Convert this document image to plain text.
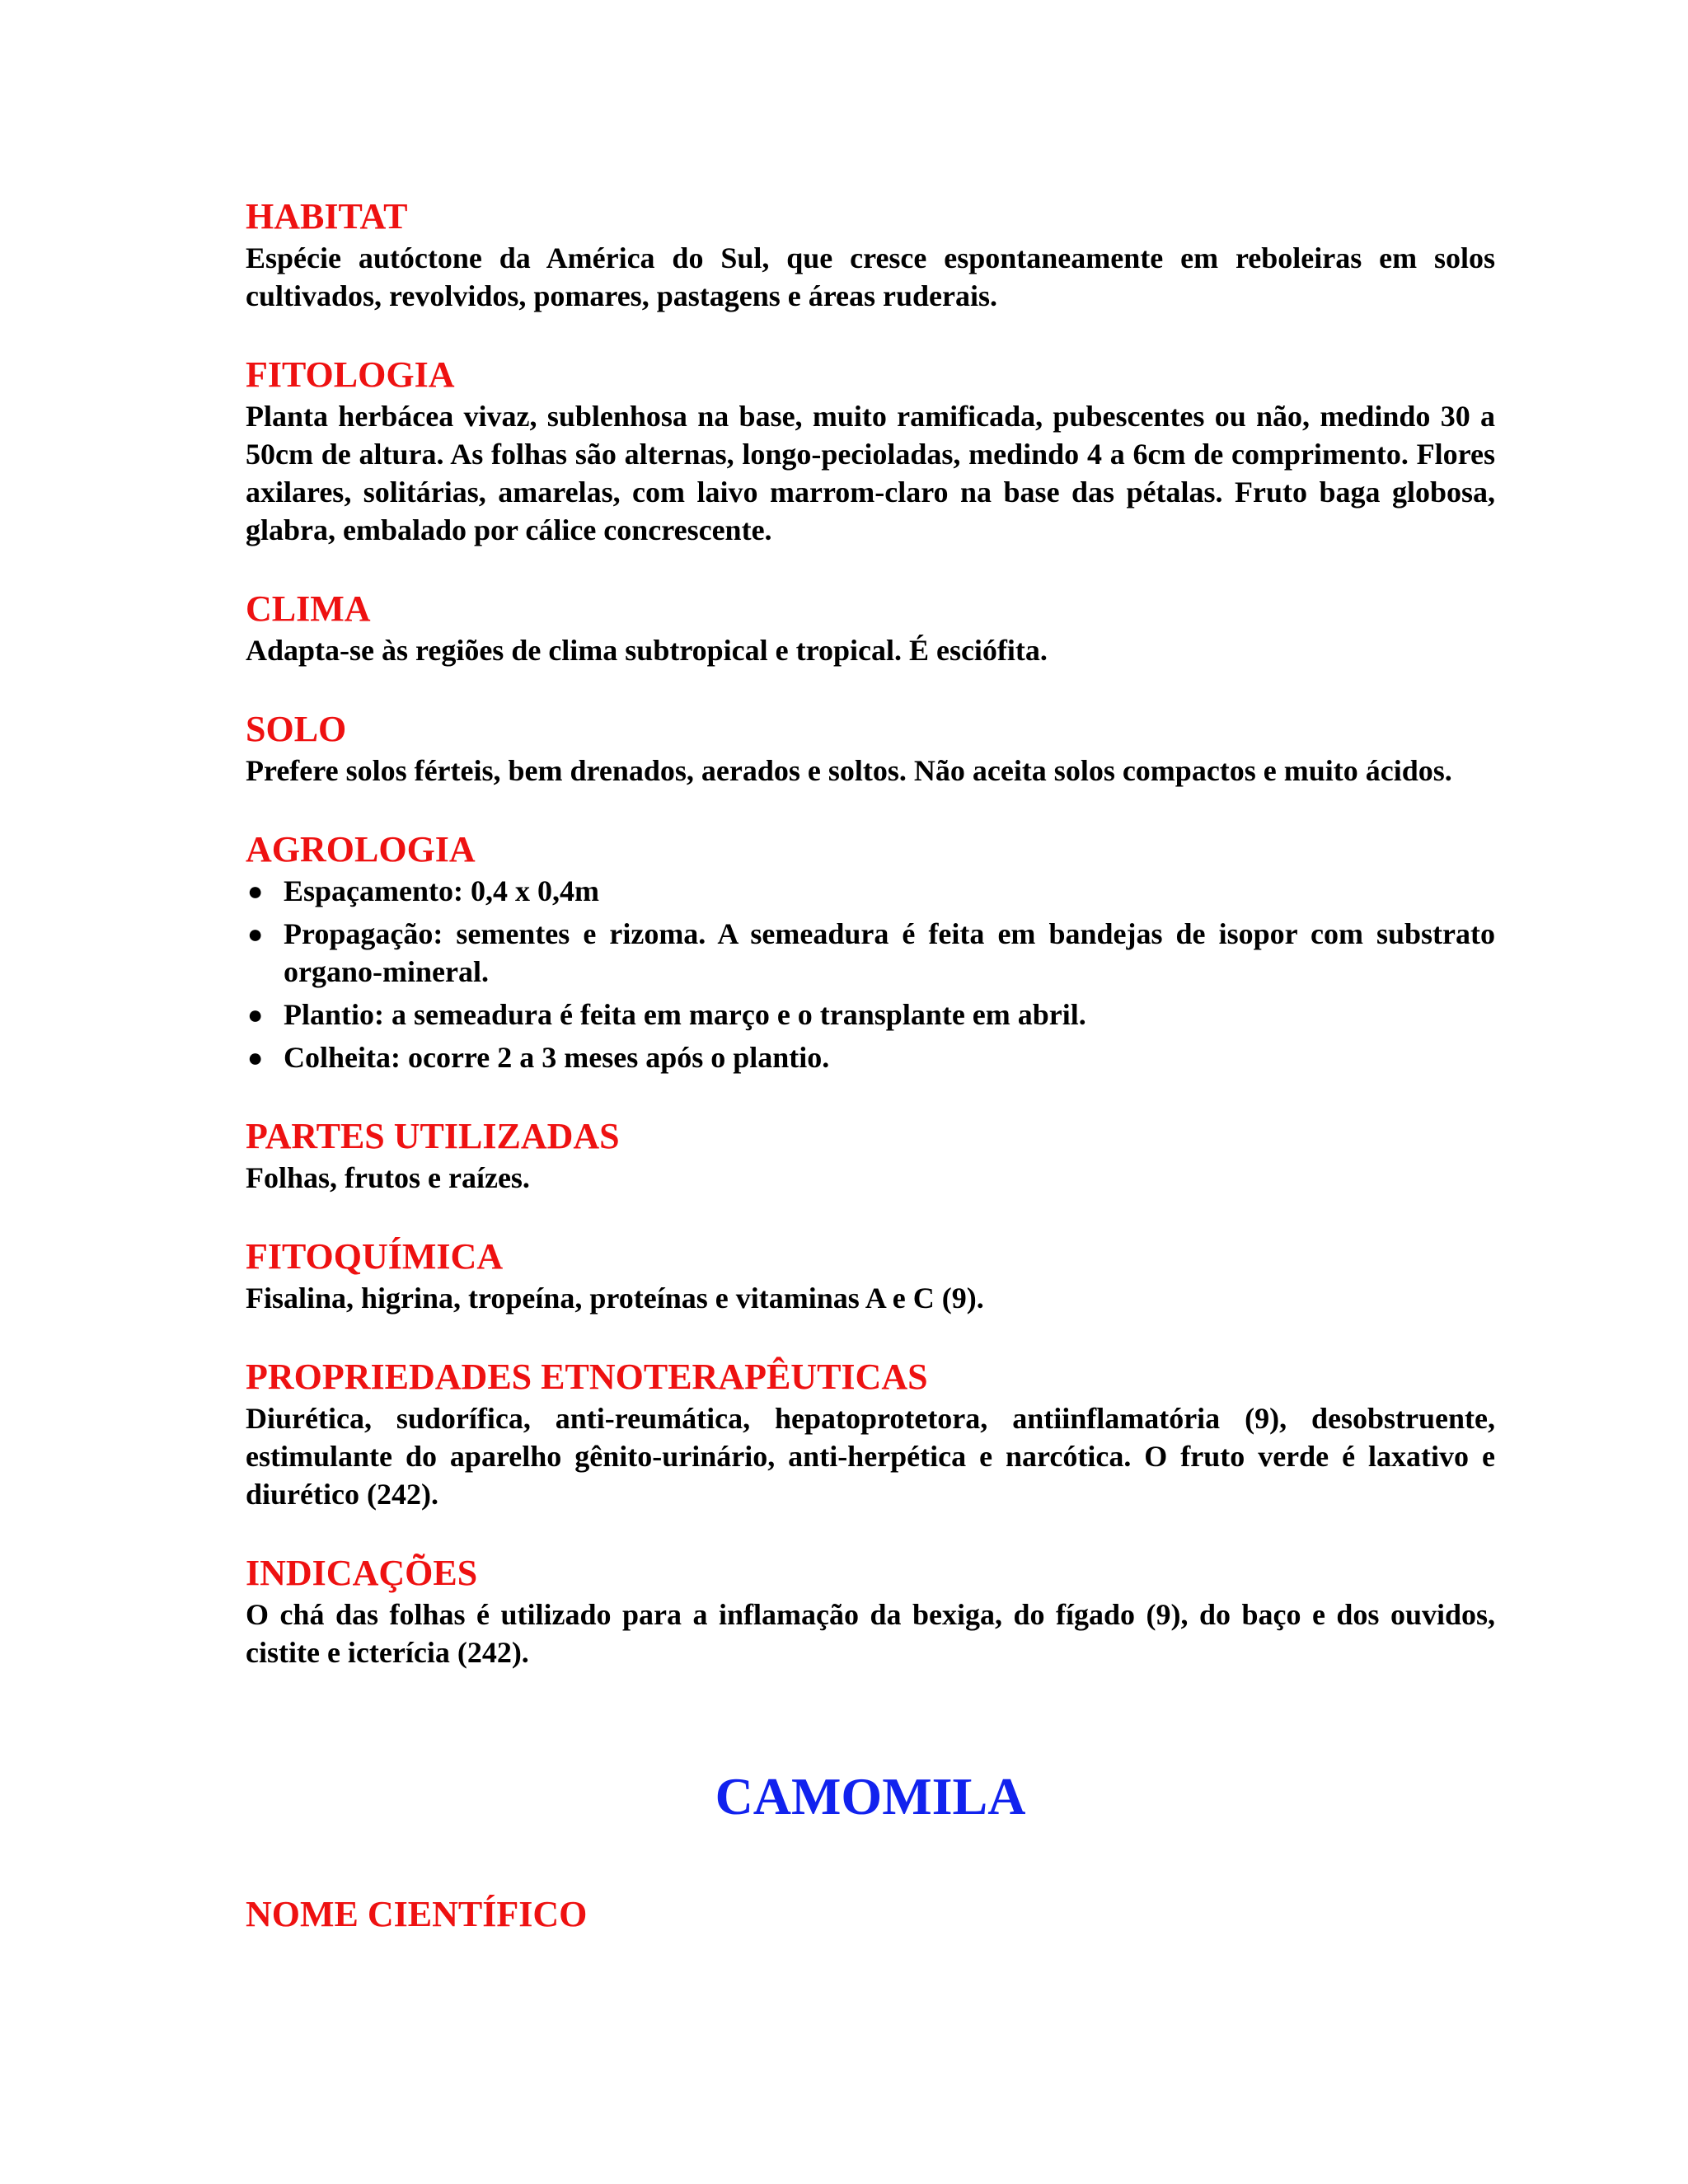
HABITAT

Espécie autóctone da América do Sul, que cresce espontaneamente em reboleiras em solos cultivados, revolvidos, pomares, pastagens e áreas ruderais.

FITOLOGIA

Planta herbácea vivaz, sublenhosa na base, muito ramificada, pubescentes ou não, medindo 30 a 50cm de altura. As folhas são alternas, longo-pecioladas, medindo 4 a 6cm de comprimento. Flores axilares, solitárias, amarelas, com laivo marrom-claro na base das pétalas. Fruto baga globosa, glabra, embalado por cálice concrescente.

CLIMA

Adapta-se às regiões de clima subtropical e tropical. É esciófita.

SOLO

Prefere solos férteis, bem drenados, aerados e soltos. Não aceita solos compactos e muito ácidos.

AGROLOGIA
● Espaçamento: 0,4 x 0,4m
● Propagação: sementes e rizoma. A semeadura é feita em bandejas de isopor com substrato organo-mineral.
● Plantio: a semeadura é feita em março e o transplante em abril.
● Colheita: ocorre 2 a 3 meses após o plantio.
PARTES UTILIZADAS

Folhas, frutos e raízes.

FITOQUÍMICA

Fisalina, higrina, tropeína, proteínas e vitaminas A e C (9).

PROPRIEDADES ETNOTERAPÊUTICAS

Diurética, sudorífica, anti-reumática, hepatoprotetora, antiinflamatória (9), desobstruente, estimulante do aparelho gênito-urinário, anti-herpética e narcótica. O fruto verde é laxativo e diurético (242).

INDICAÇÕES

O chá das folhas é utilizado para a inflamação da bexiga, do fígado (9), do baço e dos ouvidos, cistite e icterícia (242).

CAMOMILA
NOME CIENTÍFICO
